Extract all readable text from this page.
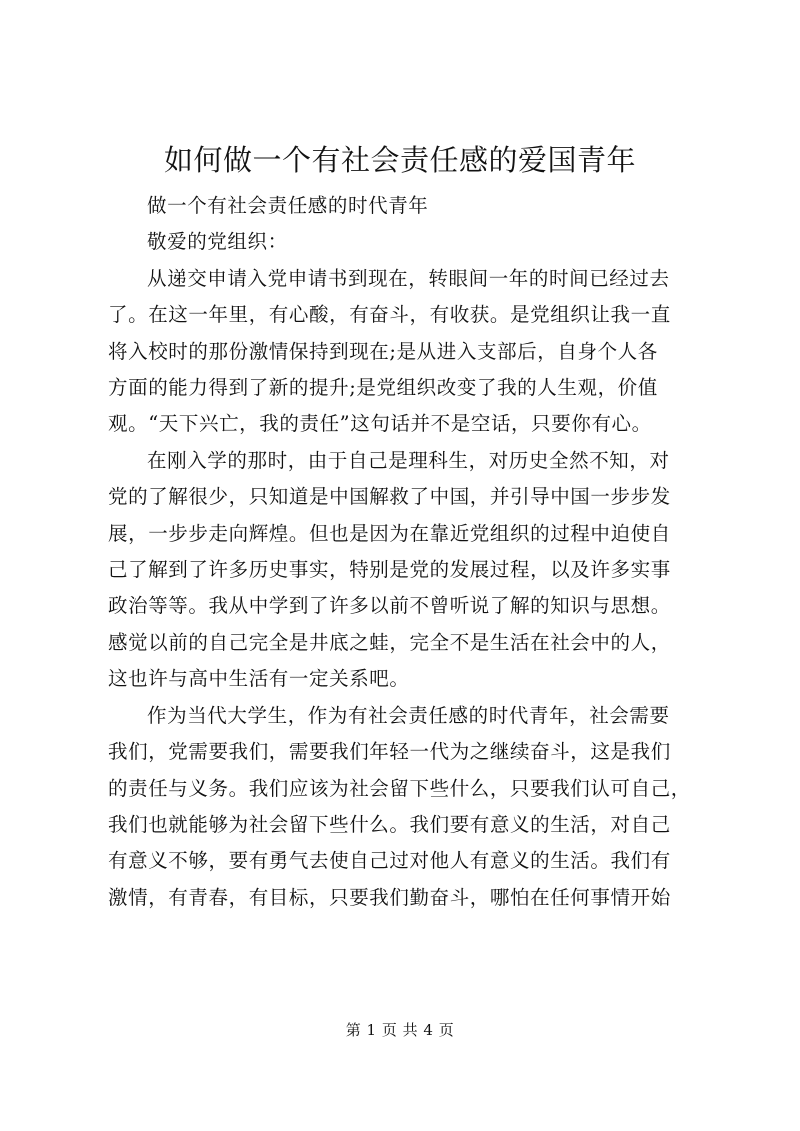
如何做一个有社会责任感的爱国青年

做一个有社会责任感的时代青年

敬爱的党组织：

从递交申请入党申请书到现在，转眼间一年的时间已经过去
了。在这一年里，有心酸，有奋斗，有收获。是党组织让我一直
将入校时的那份激情保持到现在;是从进入支部后，自身个人各
方面的能力得到了新的提升;是党组织改变了我的人生观，价值
观。“天下兴亡，我的责任”这句话并不是空话，只要你有心。

在刚入学的那时，由于自己是理科生，对历史全然不知，对
党的了解很少，只知道是中国解救了中国，并引导中国一步步发
展，一步步走向辉煌。但也是因为在靠近党组织的过程中迫使自
己了解到了许多历史事实，特别是党的发展过程，以及许多实事
政治等等。我从中学到了许多以前不曾听说了解的知识与思想。
感觉以前的自己完全是井底之蛙，完全不是生活在社会中的人，
这也许与高中生活有一定关系吧。

作为当代大学生，作为有社会责任感的时代青年，社会需要
我们，党需要我们，需要我们年轻一代为之继续奋斗，这是我们
的责任与义务。我们应该为社会留下些什么，只要我们认可自己，
我们也就能够为社会留下些什么。我们要有意义的生活，对自己
有意义不够，要有勇气去使自己过对他人有意义的生活。我们有
激情，有青春，有目标，只要我们勤奋斗，哪怕在任何事情开始

第 1 页 共 4 页
